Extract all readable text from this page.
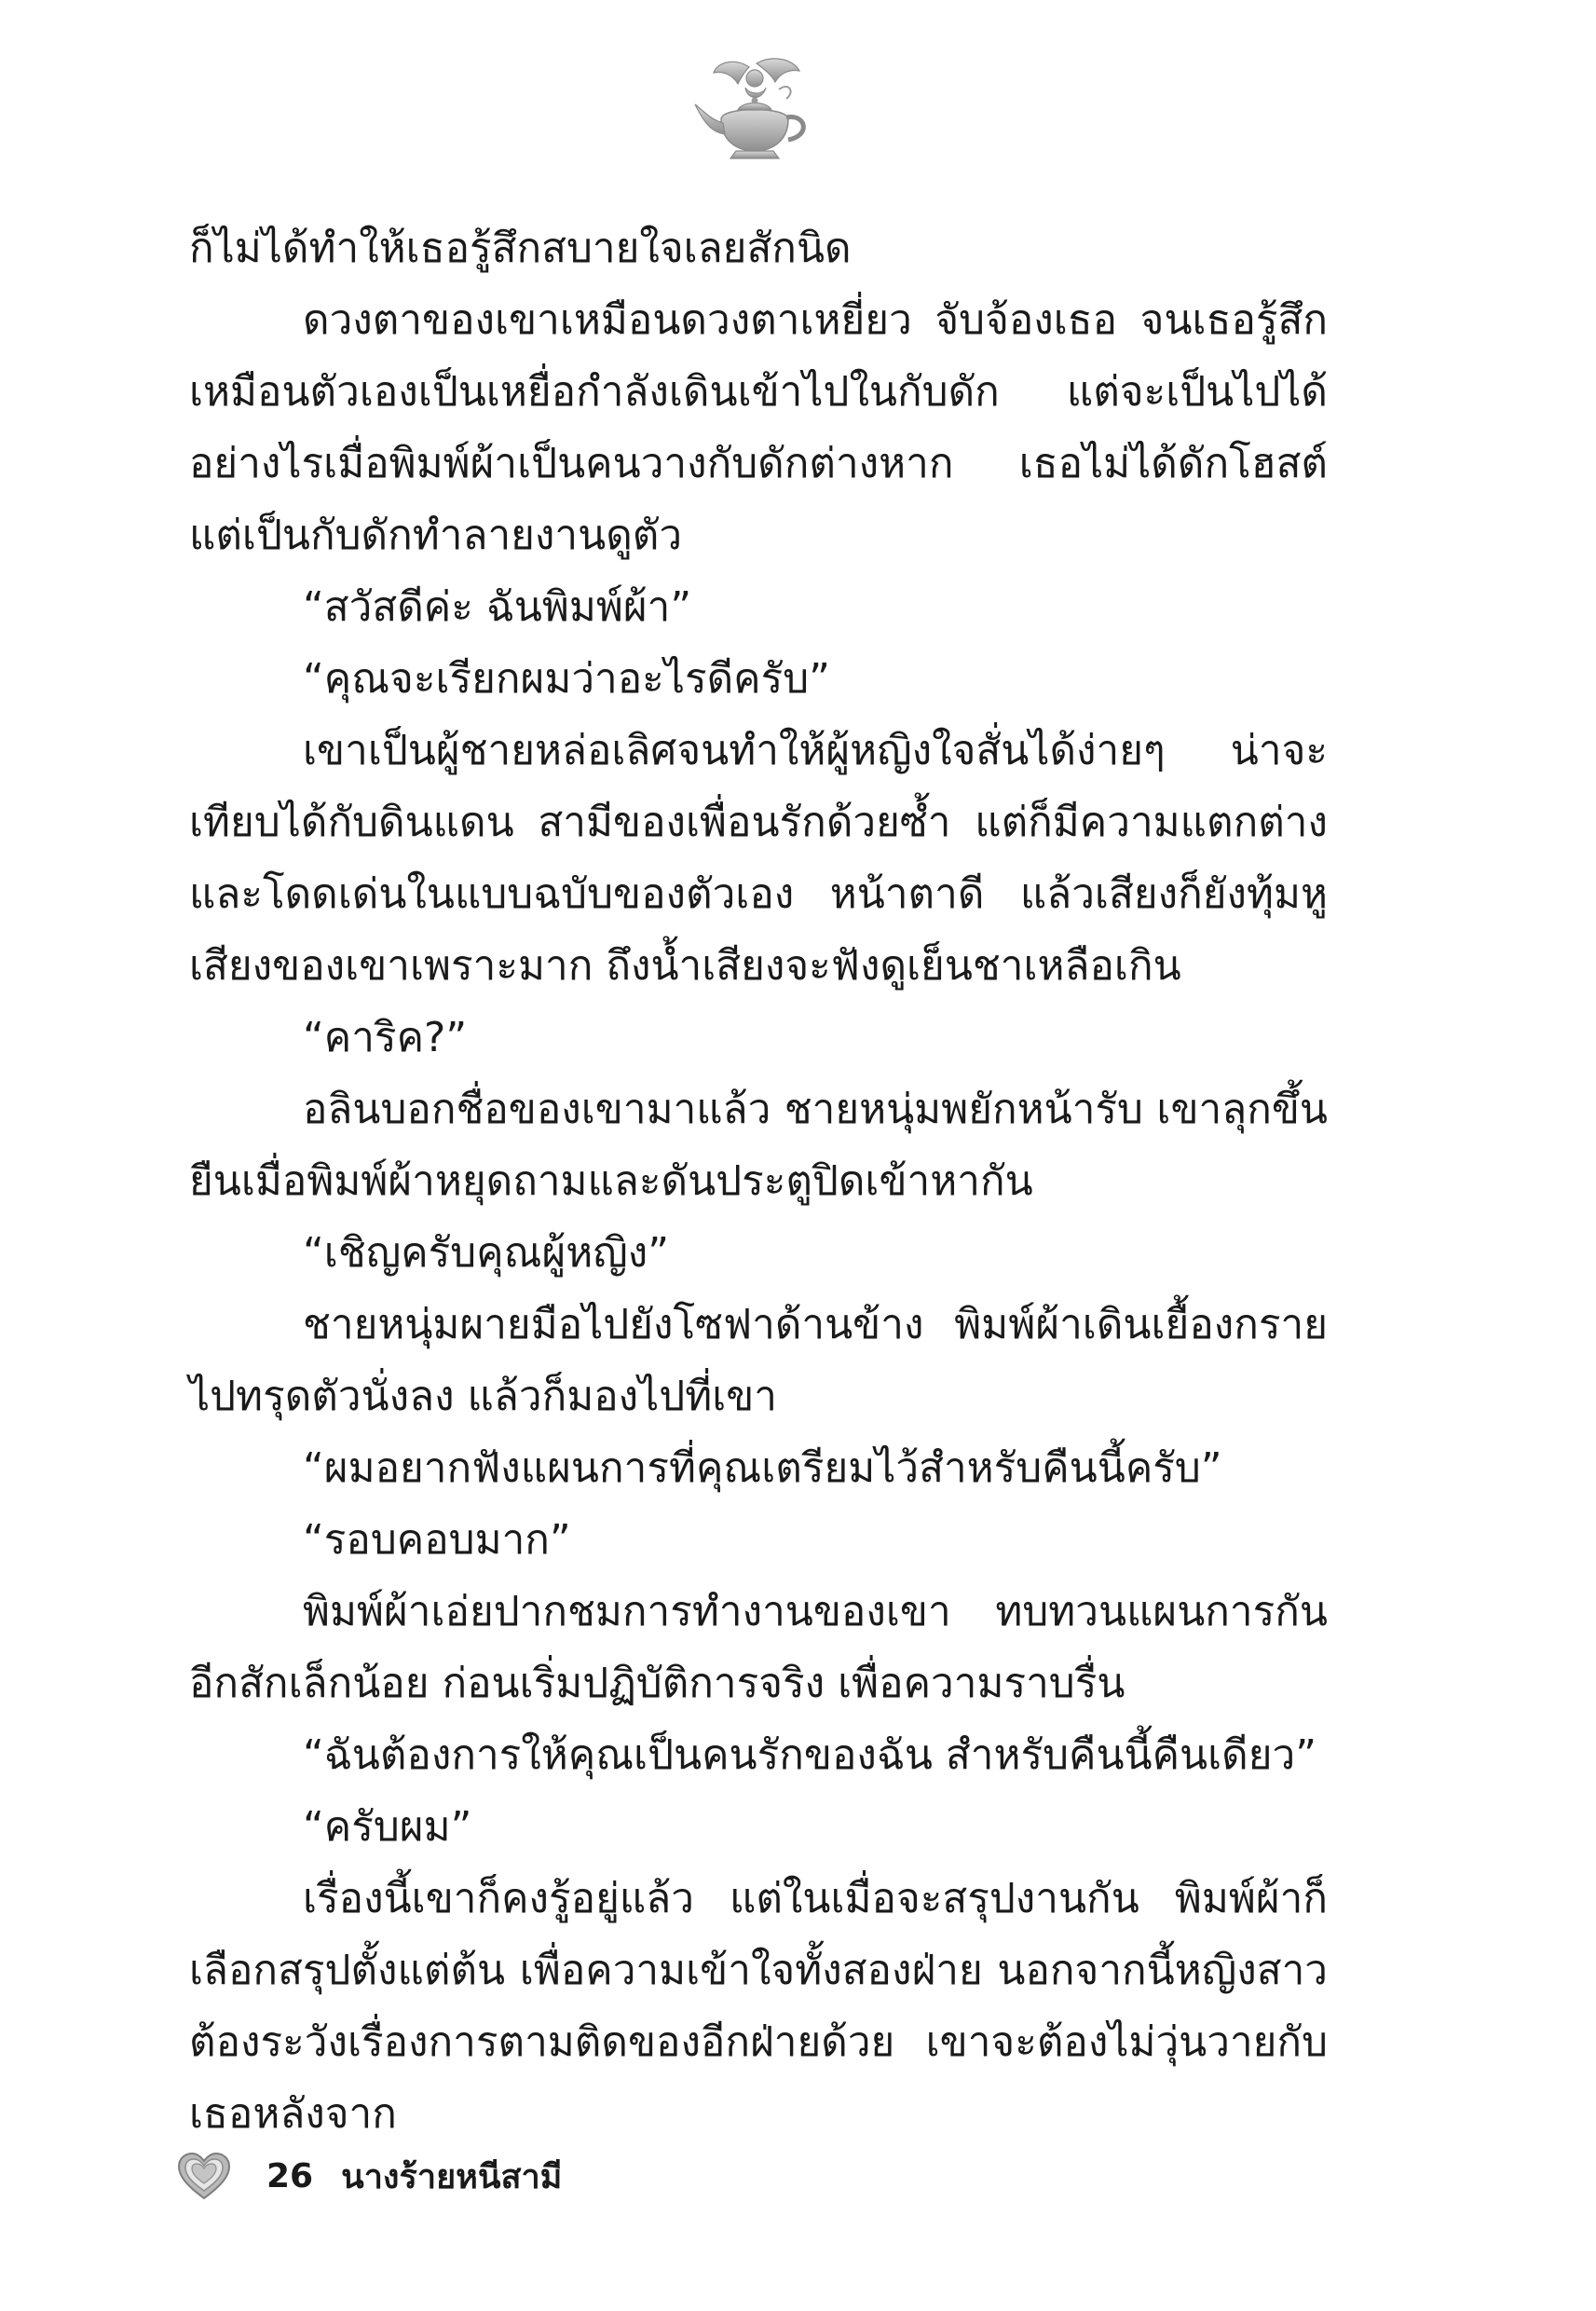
ก็ไม่ได้ทำให้เธอรู้สึกสบายใจเลยสักนิด

ดวงตาของเขาเหมือนดวงตาเหยี่ยว จับจ้องเธอ จนเธอรู้สึกเหมือนตัวเองเป็นเหยื่อกำลังเดินเข้าไปในกับดัก แต่จะเป็นไปได้อย่างไรเมื่อพิมพ์ผ้าเป็นคนวางกับดักต่างหาก เธอไม่ได้ดักโฮสต์ แต่เป็นกับดักทำลายงานดูตัว

“สวัสดีค่ะ ฉันพิมพ์ผ้า”

“คุณจะเรียกผมว่าอะไรดีครับ”

เขาเป็นผู้ชายหล่อเลิศจนทำให้ผู้หญิงใจสั่นได้ง่ายๆ น่าจะเทียบได้กับดินแดน สามีของเพื่อนรักด้วยซ้ำ แต่ก็มีความแตกต่างและโดดเด่นในแบบฉบับของตัวเอง หน้าตาดี แล้วเสียงก็ยังทุ้มหู เสียงของเขาเพราะมาก ถึงน้ำเสียงจะฟังดูเย็นชาเหลือเกิน

“คาริค?”

อลินบอกชื่อของเขามาแล้ว ชายหนุ่มพยักหน้ารับ เขาลุกขึ้นยืนเมื่อพิมพ์ผ้าหยุดถามและดันประตูปิดเข้าหากัน

“เชิญครับคุณผู้หญิง”

ชายหนุ่มผายมือไปยังโซฟาด้านข้าง พิมพ์ผ้าเดินเยื้องกรายไปทรุดตัวนั่งลง แล้วก็มองไปที่เขา

“ผมอยากฟังแผนการที่คุณเตรียมไว้สำหรับคืนนี้ครับ”

“รอบคอบมาก”

พิมพ์ผ้าเอ่ยปากชมการทำงานของเขา ทบทวนแผนการกันอีกสักเล็กน้อย ก่อนเริ่มปฏิบัติการจริง เพื่อความราบรื่น

“ฉันต้องการให้คุณเป็นคนรักของฉัน สำหรับคืนนี้คืนเดียว”

“ครับผม”

เรื่องนี้เขาก็คงรู้อยู่แล้ว แต่ในเมื่อจะสรุปงานกัน พิมพ์ผ้าก็เลือกสรุปตั้งแต่ต้น เพื่อความเข้าใจทั้งสองฝ่าย นอกจากนี้หญิงสาวต้องระวังเรื่องการตามติดของอีกฝ่ายด้วย เขาจะต้องไม่วุ่นวายกับเธอหลังจาก

26 นางร้ายหนีสามี
